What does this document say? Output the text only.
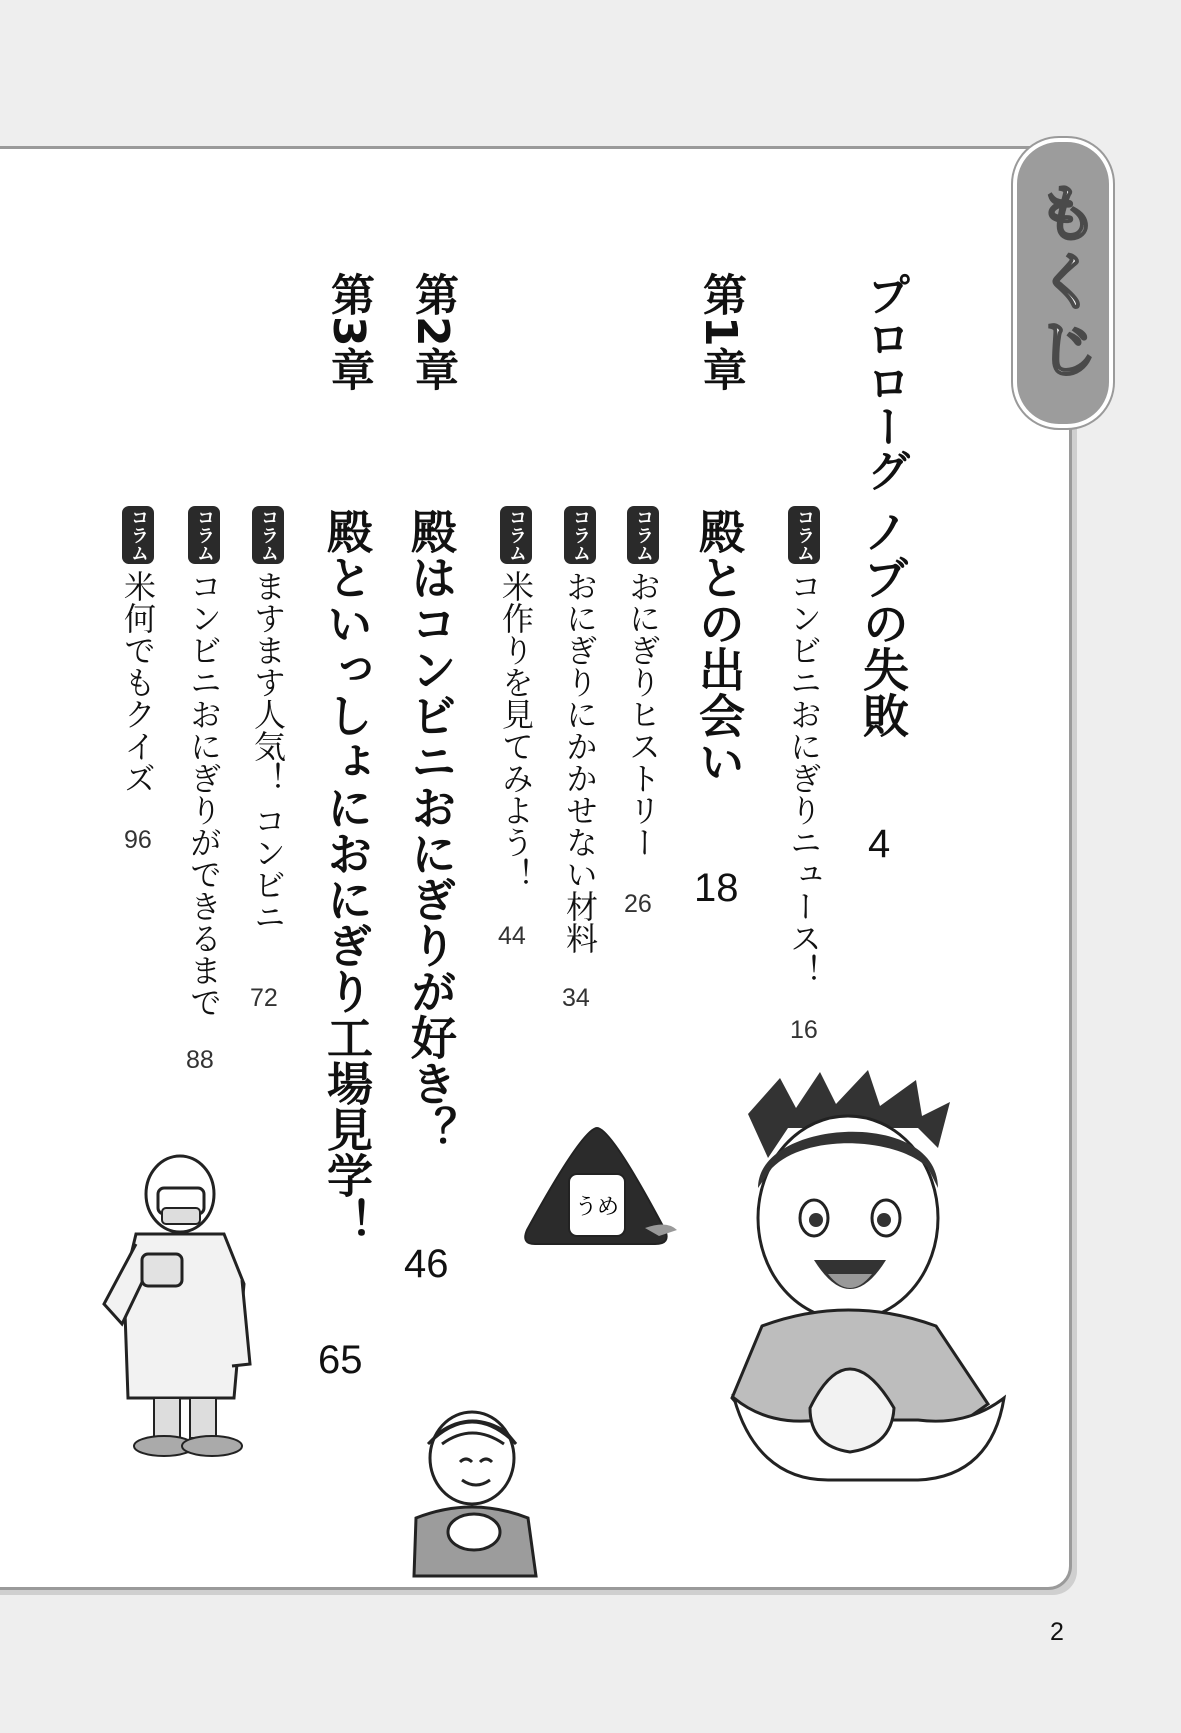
もくじ
プロローグ
第1章
第2章
第3章
ノブの失敗
殿との出会い
殿はコンビニおにぎりが好き？
殿といっしょにおにぎり工場見学！	4
18
46
65
コラム
コンビニおにぎりニュース！
16
コラム
おにぎりヒストリー
26
コラム
おにぎりにかかせない材料
34
コラム
米作りを見てみよう！
44
コラム
ますます人気！ コンビニ
72
コラム
コンビニおにぎりができるまで
88
コラム
米何でもクイズ
96
うめ
2
